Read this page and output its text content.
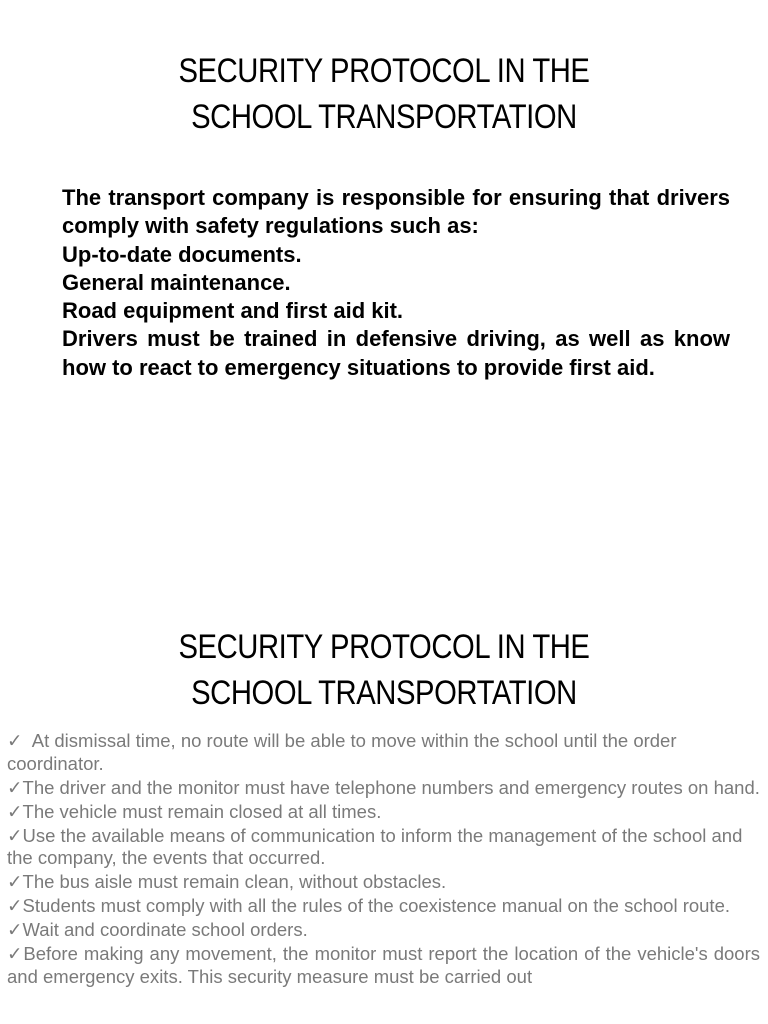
SECURITY PROTOCOL IN THE
SCHOOL TRANSPORTATION

The transport company is responsible for ensuring that drivers comply with safety regulations such as:

Up-to-date documents.

General maintenance.

Road equipment and first aid kit.

Drivers must be trained in defensive driving, as well as know how to react to emergency situations to provide first aid.

SECURITY PROTOCOL IN THE
SCHOOL TRANSPORTATION
✓  At dismissal time, no route will be able to move within the school until the order coordinator.
✓The driver and the monitor must have telephone numbers and emergency routes on hand.
✓The vehicle must remain closed at all times.
✓Use the available means of communication to inform the management of the school and the company, the events that occurred.
✓The bus aisle must remain clean, without obstacles.
✓Students must comply with all the rules of the coexistence manual on the school route.
✓Wait and coordinate school orders.
✓Before making any movement, the monitor must report the location of the vehicle's doors and emergency exits. This security measure must be carried out
